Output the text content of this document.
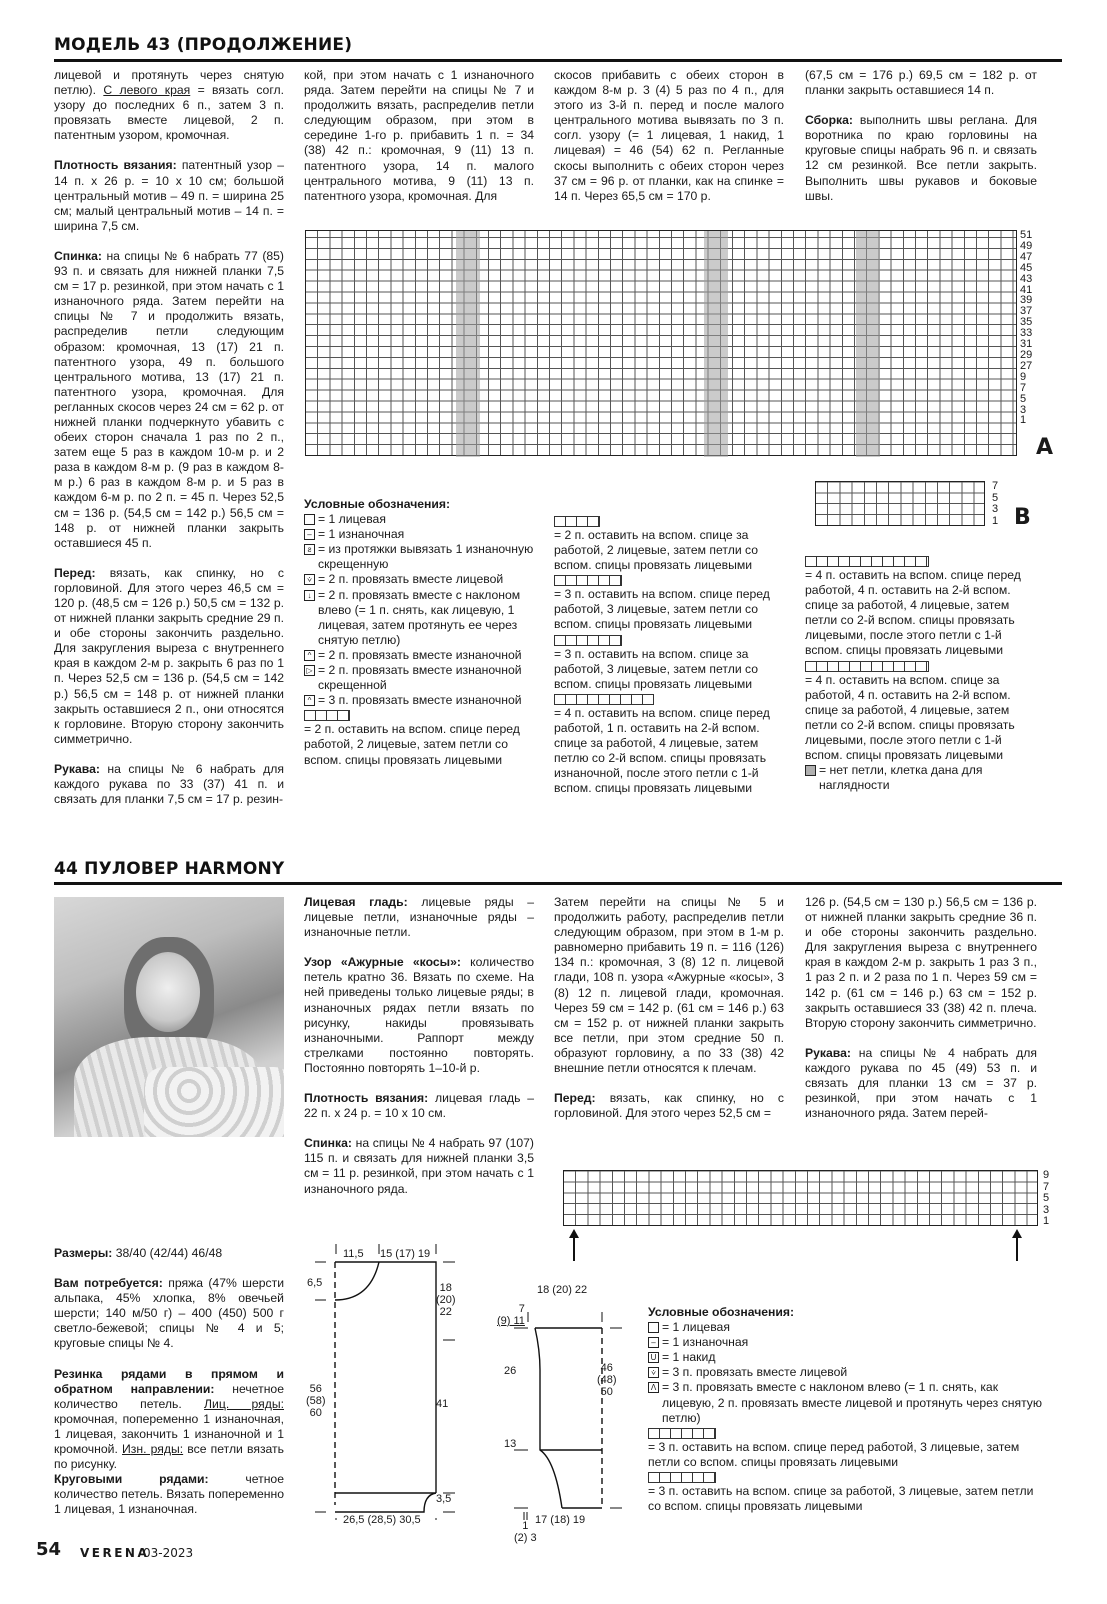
МОДЕЛЬ 43 (ПРОДОЛЖЕНИЕ)

лицевой и протянуть через снятую петлю). С левого края = вязать согл. узору до последних 6 п., затем 3 п. провязать вместе лицевой, 2 п. патентным узором, кромочная.

Плотность вязания: патентный узор – 14 п. х 26 р. = 10 х 10 см; большой центральный мотив – 49 п. = ширина 25 см; малый центральный мотив – 14 п. = ширина 7,5 см.

Спинка: на спицы № 6 набрать 77 (85) 93 п. и связать для нижней планки 7,5 см = 17 р. резинкой, при этом начать с 1 изнаночного ряда. Затем перейти на спицы № 7 и продолжить вязать, распределив петли следующим образом: кромочная, 13 (17) 21 п. патентного узора, 49 п. большого центрального мотива, 13 (17) 21 п. патентного узора, кромочная. Для регланных скосов через 24 см = 62 р. от нижней планки подчеркнуто убавить с обеих сторон сначала 1 раз по 2 п., затем еще 5 раз в каждом 10-м р. и 2 раза в каждом 8-м р. (9 раз в каждом 8-м р.) 6 раз в каждом 8-м р. и 5 раз в каждом 6-м р. по 2 п. = 45 п. Через 52,5 см = 136 р. (54,5 см = 142 р.) 56,5 см = 148 р. от нижней планки закрыть оставшиеся 45 п.

Перед: вязать, как спинку, но с горловиной. Для этого через 46,5 см = 120 р. (48,5 см = 126 р.) 50,5 см = 132 р. от нижней планки закрыть средние 29 п. и обе стороны закончить раздельно. Для закругления выреза с внутреннего края в каждом 2-м р. закрыть 6 раз по 1 п. Через 52,5 см = 136 р. (54,5 см = 142 р.) 56,5 см = 148 р. от нижней планки закрыть оставшиеся 2 п., они относятся к горловине. Вторую сторону закончить симметрично.

Рукава: на спицы № 6 набрать для каждого рукава по 33 (37) 41 п. и связать для планки 7,5 см = 17 р. резин-

кой, при этом начать с 1 изнаночного ряда. Затем перейти на спицы № 7 и продолжить вязать, распределив петли следующим образом, при этом в середине 1-го р. прибавить 1 п. = 34 (38) 42 п.: кромочная, 9 (11) 13 п. патентного узора, 14 п. малого центрального мотива, 9 (11) 13 п. патентного узора, кромочная. Для

скосов прибавить с обеих сторон в каждом 8-м р. 3 (4) 5 раз по 4 п., для этого из 3-й п. перед и после малого центрального мотива вывязать по 3 п. согл. узору (= 1 лицевая, 1 накид, 1 лицевая) = 46 (54) 62 п. Регланные скосы выполнить с обеих сторон через 37 см = 96 р. от планки, как на спинке = 14 п. Через 65,5 см = 170 р.

(67,5 см = 176 р.) 69,5 см = 182 р. от планки закрыть оставшиеся 14 п.

Сборка: выполнить швы реглана. Для воротника по краю горловины на круговые спицы набрать 96 п. и связать 12 см резинкой. Все петли закрыть. Выполнить швы рукавов и боковые швы.

51
49
47
45
43
41
39
37
35
33
31
29
27
9
7
5
3
1
A
7
5
3
1 B
Условные обозначения:
= 1 лицевая
– = 1 изнаночная
ƨ = из протяжки вывязать 1 изнаночную скрещенную
⩒ = 2 п. провязать вместе лицевой
↓ = 2 п. провязать вместе с наклоном влево (= 1 п. снять, как лицевую, 1 лицевая, затем протянуть ее через снятую петлю)
^ = 2 п. провязать вместе изнаночной
▷ = 2 п. провязать вместе изнаночной скрещенной
^ = 3 п. провязать вместе изнаночной
= 2 п. оставить на вспом. спице перед работой, 2 лицевые, затем петли со вспом. спицы провязать лицевыми
= 2 п. оставить на вспом. спице за работой, 2 лицевые, затем петли со вспом. спицы провязать лицевыми
= 3 п. оставить на вспом. спице перед работой, 3 лицевые, затем петли со вспом. спицы провязать лицевыми
= 3 п. оставить на вспом. спице за работой, 3 лицевые, затем петли со вспом. спицы провязать лицевыми
= 4 п. оставить на вспом. спице перед работой, 1 п. оставить на 2-й вспом. спице за работой, 4 лицевые, затем петлю со 2-й вспом. спицы провязать изнаночной, после этого петли с 1-й вспом. спицы провязать лицевыми
= 4 п. оставить на вспом. спице перед работой, 4 п. оставить на 2-й вспом. спице за работой, 4 лицевые, затем петли со 2-й вспом. спицы провязать лицевыми, после этого петли с 1-й вспом. спицы провязать лицевыми
= 4 п. оставить на вспом. спице за работой, 4 п. оставить на 2-й вспом. спице за работой, 4 лицевые, затем петли со 2-й вспом. спицы провязать лицевыми, после этого петли с 1-й вспом. спицы провязать лицевыми
= нет петли, клетка дана для наглядности
44 ПУЛОВЕР HARMONY

Размеры: 38/40 (42/44) 46/48

Вам потребуется: пряжа (47% шерсти альпака, 45% хлопка, 8% овечьей шерсти; 140 м/50 г) – 400 (450) 500 г светло-бежевой; спицы № 4 и 5; круговые спицы № 4.

Резинка рядами в прямом и обратном направлении: нечетное количество петель. Лиц. ряды: кромочная, попеременно 1 изнаночная, 1 лицевая, закончить 1 изнаночной и 1 кромочной. Изн. ряды: все петли вязать по рисунку.

Круговыми рядами: четное количество петель. Вязать попеременно 1 лицевая, 1 изнаночная.

Лицевая гладь: лицевые ряды – лицевые петли, изнаночные ряды – изнаночные петли.

Узор «Ажурные «косы»: количество петель кратно 36. Вязать по схеме. На ней приведены только лицевые ряды; в изнаночных рядах петли вязать по рисунку, накиды провязывать изнаночными. Раппорт между стрелками постоянно повторять. Постоянно повторять 1–10-й р.

Плотность вязания: лицевая гладь – 22 п. х 24 р. = 10 х 10 см.

Спинка: на спицы № 4 набрать 97 (107) 115 п. и связать для нижней планки 3,5 см = 11 р. резинкой, при этом начать с 1 изнаночного ряда.

Затем перейти на спицы № 5 и продолжить работу, распределив петли следующим образом, при этом в 1-м р. равномерно прибавить 19 п. = 116 (126) 134 п.: кромочная, 3 (8) 12 п. лицевой глади, 108 п. узора «Ажурные «косы», 3 (8) 12 п. лицевой глади, кромочная. Через 59 см = 142 р. (61 см = 146 р.) 63 см = 152 р. от нижней планки закрыть все петли, при этом средние 50 п. образуют горловину, а по 33 (38) 42 внешние петли относятся к плечам.

Перед: вязать, как спинку, но с горловиной. Для этого через 52,5 см =

126 р. (54,5 см = 130 р.) 56,5 см = 136 р. от нижней планки закрыть средние 36 п. и обе стороны закончить раздельно. Для закругления выреза с внутреннего края в каждом 2-м р. закрыть 1 раз 3 п., 1 раз 2 п. и 2 раза по 1 п. Через 59 см = 142 р. (61 см = 146 р.) 63 см = 152 р. закрыть оставшиеся 33 (38) 42 п. плеча. Вторую сторону закончить симметрично.

Рукава: на спицы № 4 набрать для каждого рукава по 45 (49) 53 п. и связать для планки 13 см = 37 р. резинкой, при этом начать с 1 изнаночного ряда. Затем перей-

9
7
5
3
1
11,5 15 (17) 19
6,5	18
(20)
22
56
(58)
60
41
3,5
26,5 (28,5) 30,5
18 (20) 22
7
(9) 11
26
13
46
(48)
50
17 (18) 19
1
(2) 3
Условные обозначения:
= 1 лицевая
– = 1 изнаночная
U = 1 накид
⩒ = 3 п. провязать вместе лицевой
Λ = 3 п. провязать вместе с наклоном влево (= 1 п. снять, как лицевую, 2 п. провязать вместе лицевой и протянуть через снятую петлю)
= 3 п. оставить на вспом. спице перед работой, 3 лицевые, затем петли со вспом. спицы провязать лицевыми
= 3 п. оставить на вспом. спице за работой, 3 лицевые, затем петли со вспом. спицы провязать лицевыми
54 VERENA
03-2023
